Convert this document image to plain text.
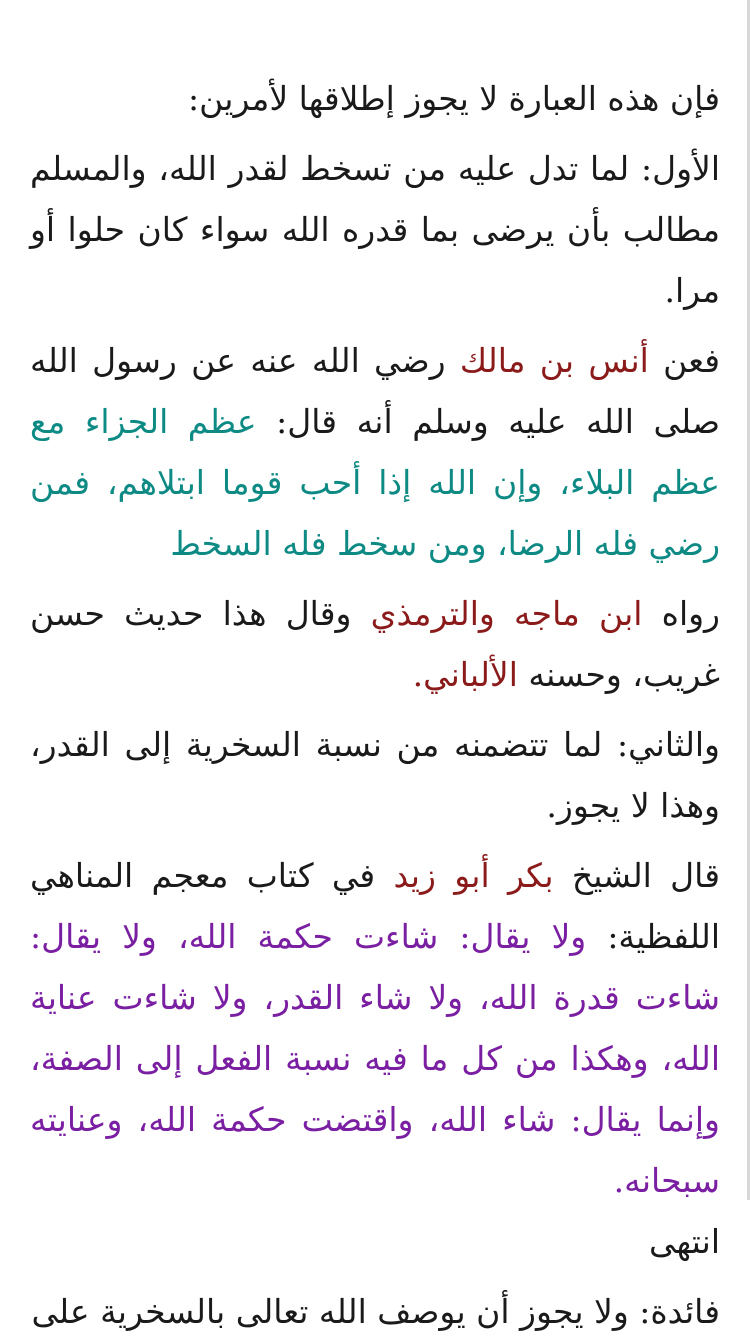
فإن هذه العبارة لا يجوز إطلاقها لأمرين:

الأول: لما تدل عليه من تسخط لقدر الله، والمسلم مطالب بأن يرضى بما قدره الله سواء كان حلوا أو مرا.

فعن أنس بن مالك رضي الله عنه عن رسول الله صلى الله عليه وسلم أنه قال: عظم الجزاء مع عظم البلاء، وإن الله إذا أحب قوما ابتلاهم، فمن رضي فله الرضا، ومن سخط فله السخط

رواه ابن ماجه والترمذي وقال هذا حديث حسن غريب، وحسنه الألباني.

والثاني: لما تتضمنه من نسبة السخرية إلى القدر، وهذا لا يجوز.

قال الشيخ بكر أبو زيد في كتاب معجم المناهي اللفظية: ولا يقال: شاءت حكمة الله، ولا يقال: شاءت قدرة الله، ولا شاء القدر، ولا شاءت عناية الله، وهكذا من كل ما فيه نسبة الفعل إلى الصفة، وإنما يقال: شاء الله، واقتضت حكمة الله، وعنايته سبحانه.
انتهى

فائدة: ولا يجوز أن يوصف الله تعالى بالسخرية على
